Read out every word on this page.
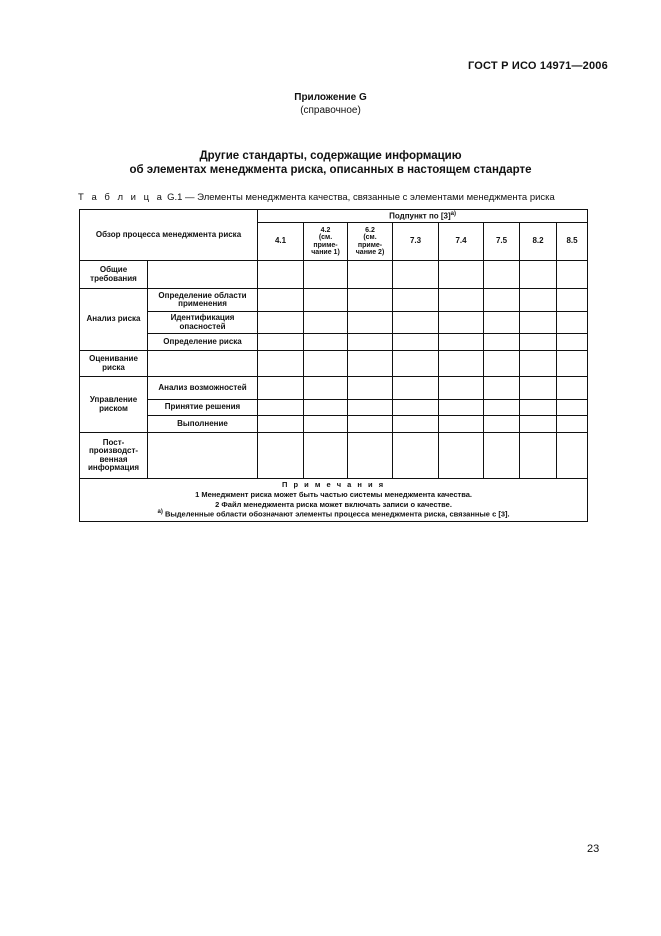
ГОСТ Р ИСО 14971—2006
Приложение G
(справочное)
Другие стандарты, содержащие информацию
об элементах менеджмента риска, описанных в настоящем стандарте
Т а б л и ц а G.1 — Элементы менеджмента качества, связанные с элементами менеджмента риска
Обзор процесса менеджмента риска		Подпункт по $[3]^{а)}$
		4.1	4.2
(см.
приме-
чание 1)	6.2
(см.
приме-
чание 2)	7.3	7.4	7.5	8.2	8.5
Общие требования									
Анализ риска	Определение области применения								
	Идентификация опасностей								
	Определение риска								
Оценивание риска									
Управление риском	Анализ возможностей								
	Принятие решения								
	Выполнение								
Пост-производст-венная информация									

П р и м е ч а н и я
1 Менеджмент риска может быть частью системы менеджмента качества.
2 Файл менеджмента риска может включать записи о качестве.
$^{а)}$ Выделенные области обозначают элементы процесса менеджмента риска, связанные с [3].									
23
